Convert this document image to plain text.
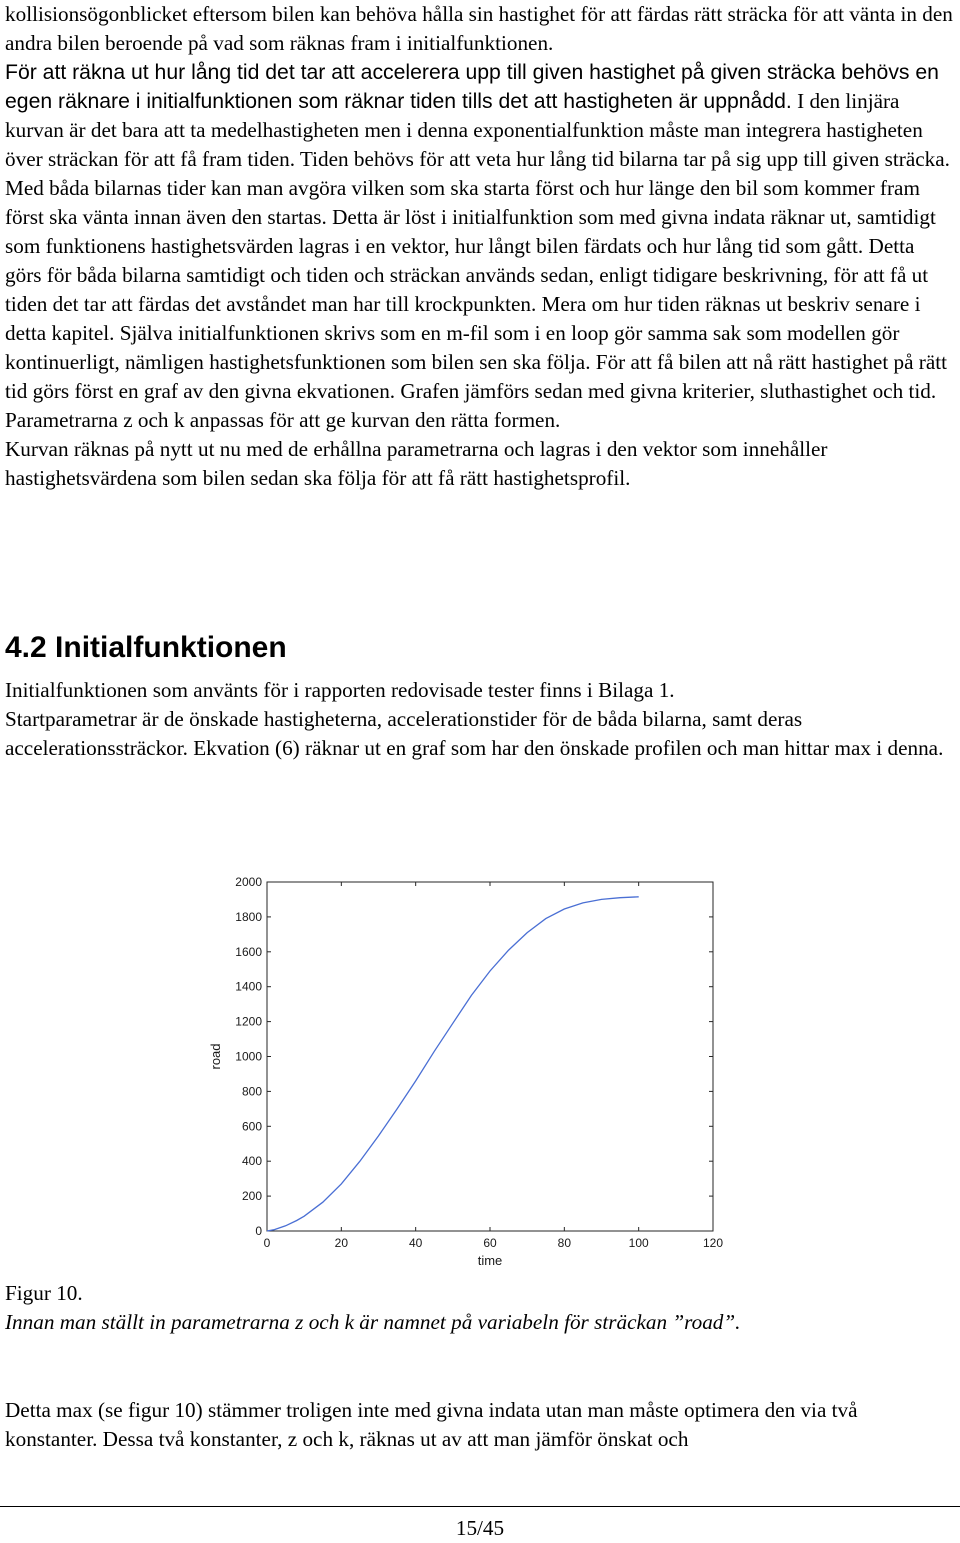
kollisionsögonblicket eftersom bilen kan behöva hålla sin hastighet för att färdas rätt sträcka för att vänta in den andra bilen beroende på vad som räknas fram i initialfunktionen.
För att räkna ut hur lång tid det tar att accelerera upp till given hastighet på given sträcka behövs en egen räknare i initialfunktionen som räknar tiden tills det att hastigheten är uppnådd. I den linjära kurvan är det bara att ta medelhastigheten men i denna exponentialfunktion måste man integrera hastigheten över sträckan för att få fram tiden. Tiden behövs för att veta hur lång tid bilarna tar på sig upp till given sträcka. Med båda bilarnas tider kan man avgöra vilken som ska starta först och hur länge den bil som kommer fram först ska vänta innan även den startas. Detta är löst i initialfunktion som med givna indata räknar ut, samtidigt som funktionens hastighetsvärden lagras i en vektor, hur långt bilen färdats och hur lång tid som gått. Detta görs för båda bilarna samtidigt och tiden och sträckan används sedan, enligt tidigare beskrivning, för att få ut tiden det tar att färdas det avståndet man har till krockpunkten. Mera om hur tiden räknas ut beskriv senare i detta kapitel. Själva initialfunktionen skrivs som en m-fil som i en loop gör samma sak som modellen gör kontinuerligt, nämligen hastighetsfunktionen som bilen sen ska följa. För att få bilen att nå rätt hastighet på rätt tid görs först en graf av den givna ekvationen. Grafen jämförs sedan med givna kriterier, sluthastighet och tid. Parametrarna z och k anpassas för att ge kurvan den rätta formen.
Kurvan räknas på nytt ut nu med de erhållna parametrarna och lagras i den vektor som innehåller hastighetsvärdena som bilen sedan ska följa för att få rätt hastighetsprofil.

4.2 Initialfunktionen

Initialfunktionen som använts för i rapporten redovisade tester finns i Bilaga 1.
Startparametrar är de önskade hastigheterna, accelerationstider för de båda bilarna, samt deras accelerationssträckor. Ekvation (6) räknar ut en graf som har den önskade profilen och man hittar max i denna.

0	20	40	60	80	100	120
0
200
400
600
800
1000
1200
1400
1600
1800
2000
time
road

Figur 10.

Innan man ställt in parametrarna z och k är namnet på variabeln för sträckan ”road”.

Detta max (se figur 10) stämmer troligen inte med givna indata utan man måste optimera den via två konstanter. Dessa två konstanter, z och k, räknas ut av att man jämför önskat och

15/45
